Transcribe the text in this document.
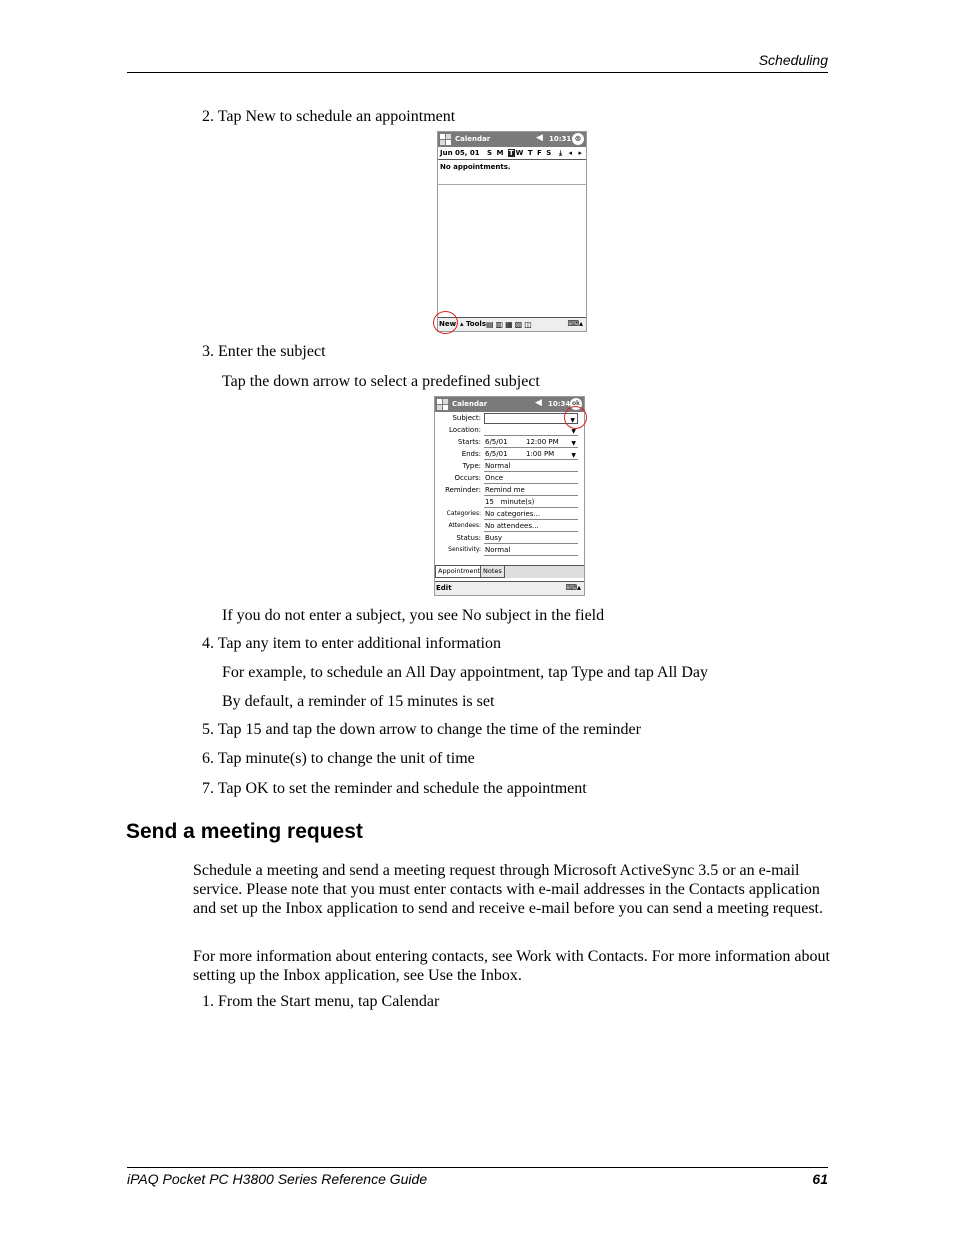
Scheduling
2. Tap New to schedule an appointment
Calendar	◀ 10:31 ⊗
Jun 05, 01 S M T W T F S ⤓ ◂ ▸
No appointments.
New ▴ Tools ▤▥▦▧◫	⌨▴
3. Enter the subject
Tap the down arrow to select a predefined subject
Calendar	◀ 10:34 ok
Subject:	▼
Location:	▼
Starts: 6/5/01	12:00 PM ▼
Ends: 6/5/01	1:00 PM	▼
Type: Normal
Occurs: Once
Reminder: Remind me
15 minute(s)
Categories: No categories...
Attendees: No attendees...
Status: Busy
Sensitivity: Normal
Appointment Notes
Edit	⌨▴
If you do not enter a subject, you see No subject in the field
4. Tap any item to enter additional information
For example, to schedule an All Day appointment, tap Type and tap All Day
By default, a reminder of 15 minutes is set
5. Tap 15 and tap the down arrow to change the time of the reminder
6. Tap minute(s) to change the unit of time
7. Tap OK to set the reminder and schedule the appointment
Send a meeting request
Schedule a meeting and send a meeting request through Microsoft ActiveSync 3.5 or an e-mail service. Please note that you must enter contacts with e-mail addresses in the Contacts application and set up the Inbox application to send and receive e-mail before you can send a meeting request.
For more information about entering contacts, see Work with Contacts. For more information about setting up the Inbox application, see Use the Inbox.
1. From the Start menu, tap Calendar
iPAQ Pocket PC H3800 Series Reference Guide	61
